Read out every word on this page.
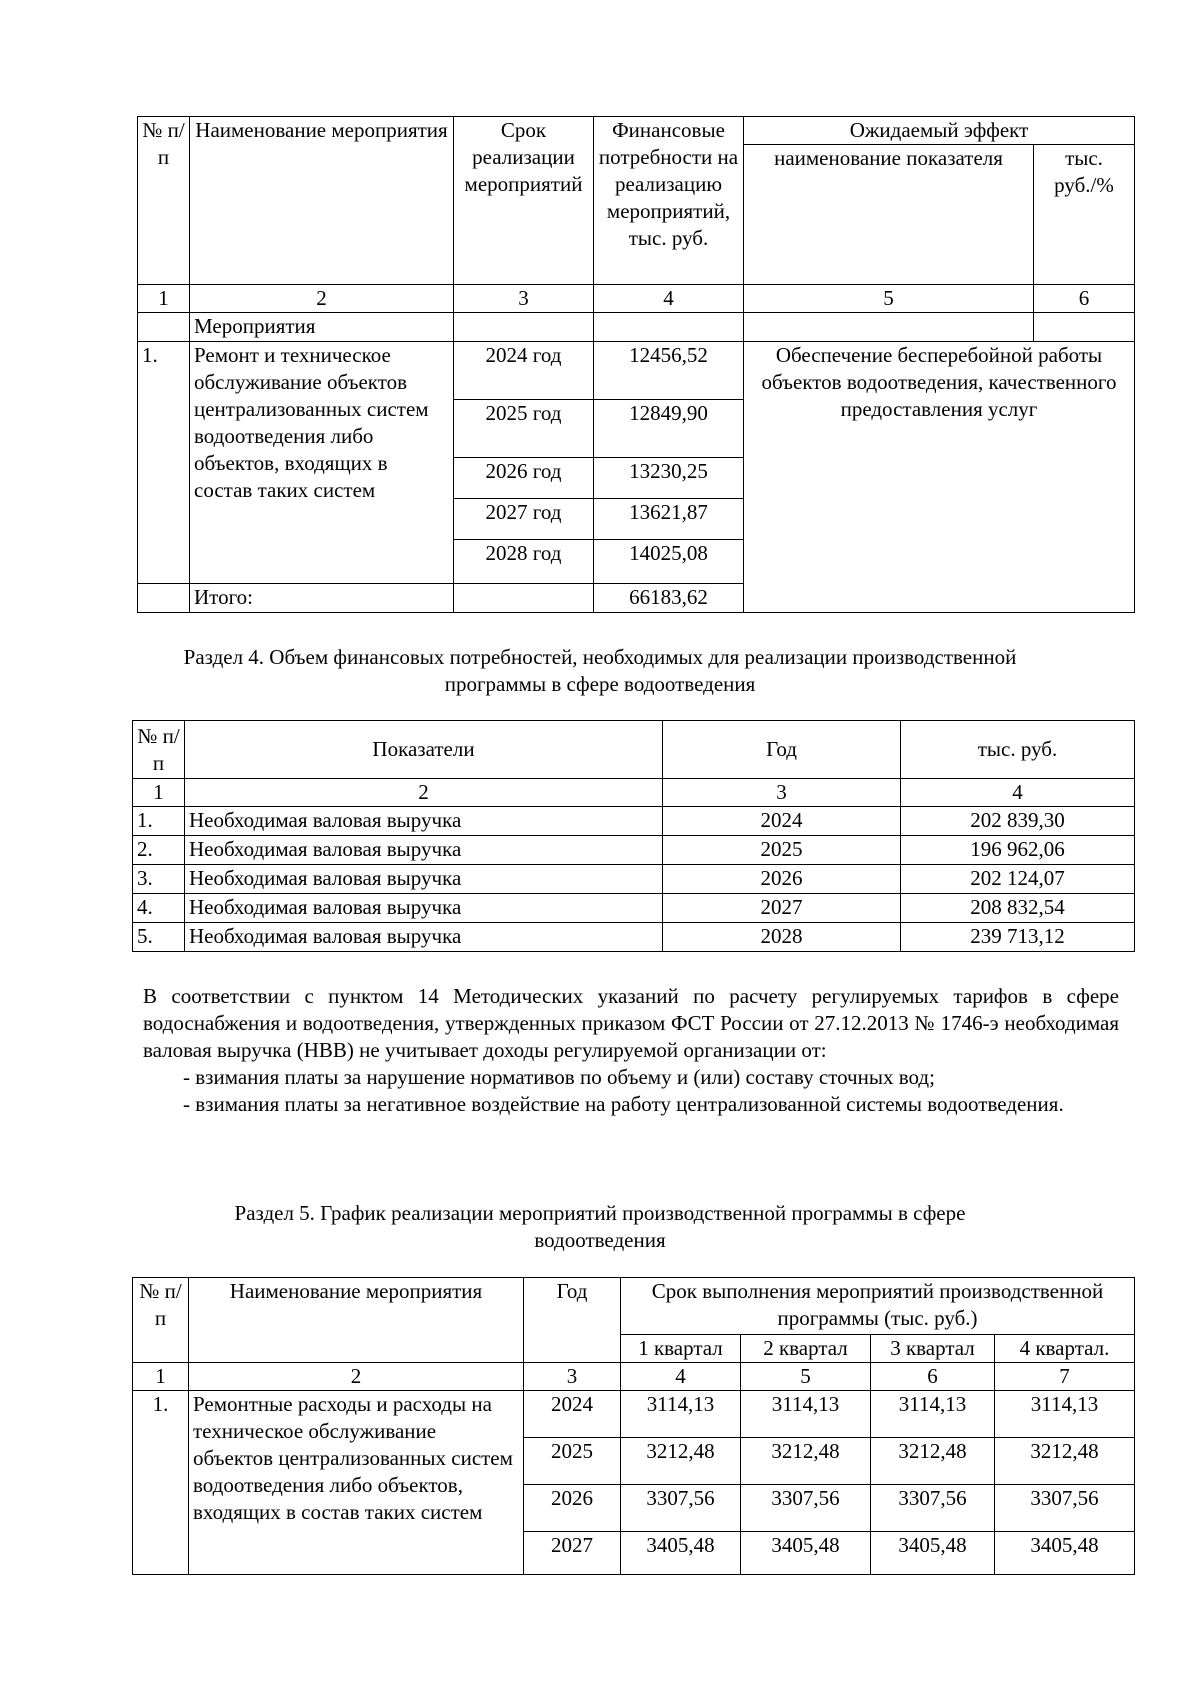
№ п/п	Наименование мероприятия	Срок реализации мероприятий	Финансовые потребности на реализацию мероприятий, тыс. руб.	Ожидаемый эффект	
				наименование показателя	тыс. руб./%
1	2	3	4	5	6
	Мероприятия				
1.	Ремонт и техническое обслуживание объектов централизованных систем водоотведения либо объектов, входящих в состав таких систем	2024 год	12456,52	Обеспечение бесперебойной работы объектов водоотведения, качественного предоставления услуг	
		2025 год	12849,90		
		2026 год	13230,25		
		2027 год	13621,87		
		2028 год	14025,08		
	Итого:		66183,62		
Раздел 4. Объем финансовых потребностей, необходимых для реализации производственной
программы в сфере водоотведения
№ п/п	Показатели	Год	тыс. руб.
1	2	3	4
1.	Необходимая валовая выручка	2024	202 839,30
2.	Необходимая валовая выручка	2025	196 962,06
3.	Необходимая валовая выручка	2026	202 124,07
4.	Необходимая валовая выручка	2027	208 832,54
5.	Необходимая валовая выручка	2028	239 713,12

В соответствии с пунктом 14 Методических указаний по расчету регулируемых тарифов в сфере водоснабжения и водоотведения, утвержденных приказом ФСТ России от 27.12.2013 № 1746-э необходимая валовая выручка (НВВ) не учитывает доходы регулируемой организации от:

- взимания платы за нарушение нормативов по объему и (или) составу сточных вод;

- взимания платы за негативное воздействие на работу централизованной системы водоотведения.

Раздел 5. График реализации мероприятий производственной программы в сфере
водоотведения
№ п/п	Наименование мероприятия	Год	Срок выполнения мероприятий производственной программы (тыс. руб.)			
			1 квартал	2 квартал	3 квартал	4 квартал.
1	2	3	4	5	6	7
1.	Ремонтные расходы и расходы на техническое обслуживание объектов централизованных систем водоотведения либо объектов, входящих в состав таких систем	2024	3114,13	3114,13	3114,13	3114,13
		2025	3212,48	3212,48	3212,48	3212,48
		2026	3307,56	3307,56	3307,56	3307,56
		2027	3405,48	3405,48	3405,48	3405,48
